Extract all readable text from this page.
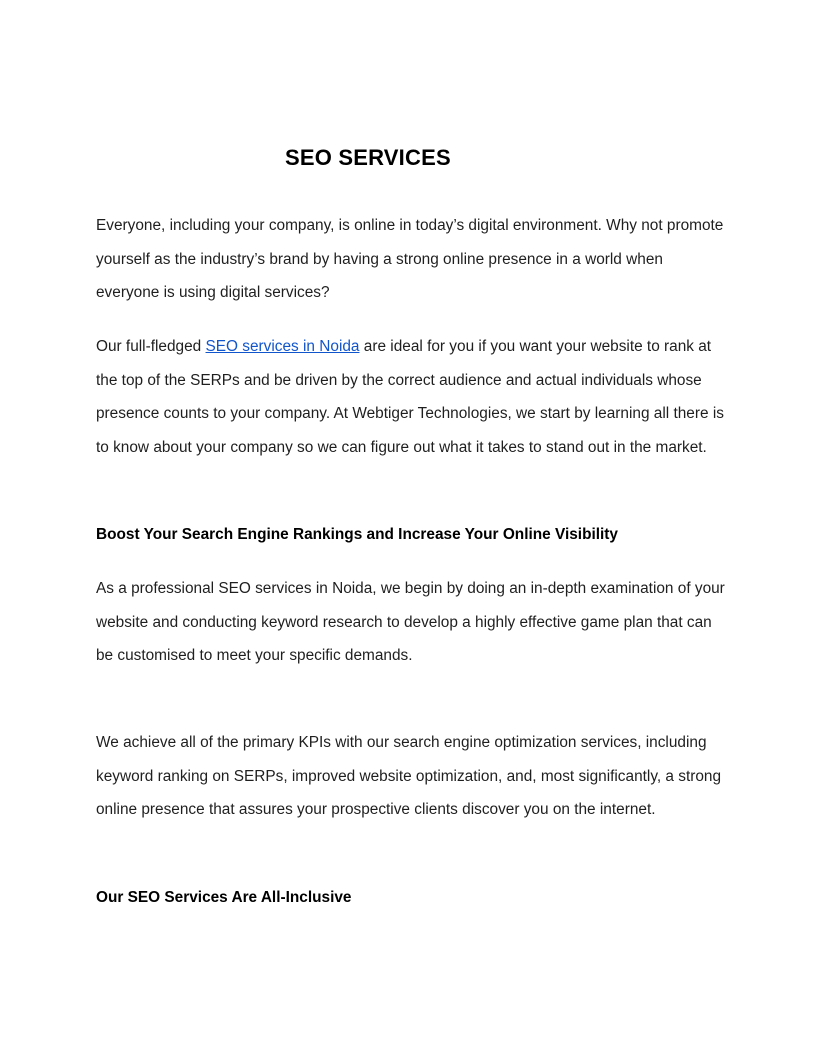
SEO SERVICES

Everyone, including your company, is online in today’s digital environment. Why not promote yourself as the industry’s brand by having a strong online presence in a world when everyone is using digital services?

Our full-fledged SEO services in Noida are ideal for you if you want your website to rank at the top of the SERPs and be driven by the correct audience and actual individuals whose presence counts to your company. At Webtiger Technologies, we start by learning all there is to know about your company so we can figure out what it takes to stand out in the market.

Boost Your Search Engine Rankings and Increase Your Online Visibility

As a professional SEO services in Noida, we begin by doing an in-depth examination of your website and conducting keyword research to develop a highly effective game plan that can be customised to meet your specific demands.

We achieve all of the primary KPIs with our search engine optimization services, including keyword ranking on SERPs, improved website optimization, and, most significantly, a strong online presence that assures your prospective clients discover you on the internet.

Our SEO Services Are All-Inclusive
